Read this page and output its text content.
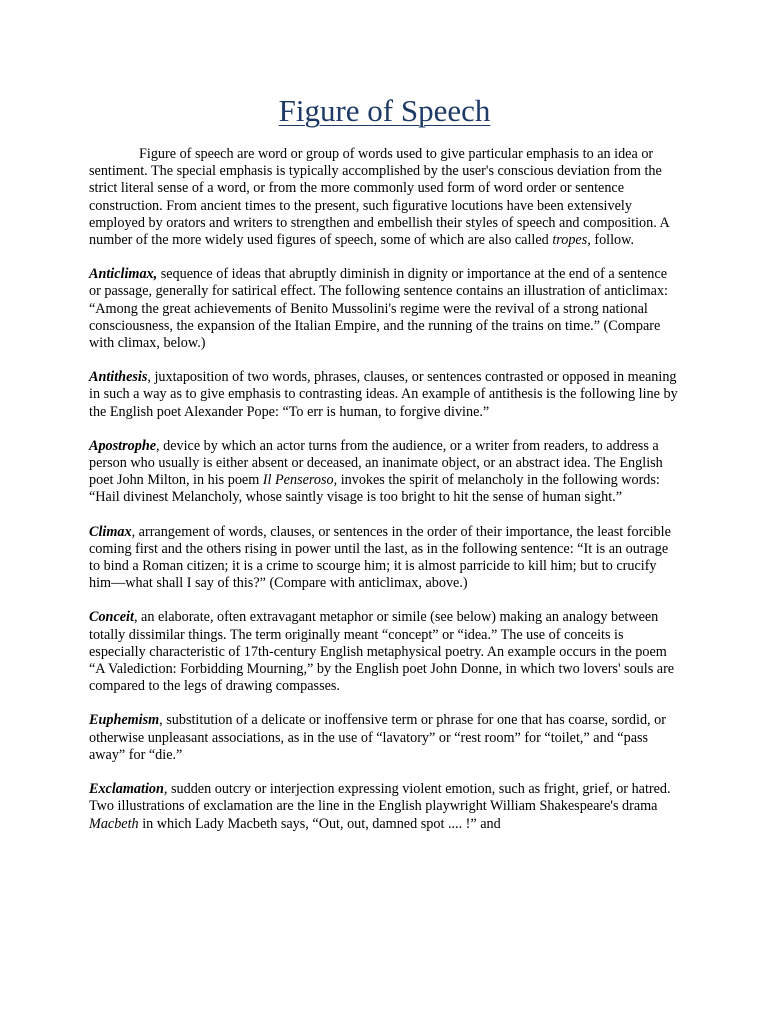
Figure of Speech

Figure of speech are word or group of words used to give particular emphasis to an idea or sentiment. The special emphasis is typically accomplished by the user's conscious deviation from the strict literal sense of a word, or from the more commonly used form of word order or sentence construction. From ancient times to the present, such figurative locutions have been extensively employed by orators and writers to strengthen and embellish their styles of speech and composition. A number of the more widely used figures of speech, some of which are also called tropes, follow.

Anticlimax, sequence of ideas that abruptly diminish in dignity or importance at the end of a sentence or passage, generally for satirical effect. The following sentence contains an illustration of anticlimax: “Among the great achievements of Benito Mussolini's regime were the revival of a strong national consciousness, the expansion of the Italian Empire, and the running of the trains on time.” (Compare with climax, below.)

Antithesis, juxtaposition of two words, phrases, clauses, or sentences contrasted or opposed in meaning in such a way as to give emphasis to contrasting ideas. An example of antithesis is the following line by the English poet Alexander Pope: “To err is human, to forgive divine.”

Apostrophe, device by which an actor turns from the audience, or a writer from readers, to address a person who usually is either absent or deceased, an inanimate object, or an abstract idea. The English poet John Milton, in his poem Il Penseroso, invokes the spirit of melancholy in the following words: “Hail divinest Melancholy, whose saintly visage is too bright to hit the sense of human sight.”

Climax, arrangement of words, clauses, or sentences in the order of their importance, the least forcible coming first and the others rising in power until the last, as in the following sentence: “It is an outrage to bind a Roman citizen; it is a crime to scourge him; it is almost parricide to kill him; but to crucify him—what shall I say of this?” (Compare with anticlimax, above.)

Conceit, an elaborate, often extravagant metaphor or simile (see below) making an analogy between totally dissimilar things. The term originally meant “concept” or “idea.” The use of conceits is especially characteristic of 17th-century English metaphysical poetry. An example occurs in the poem “A Valediction: Forbidding Mourning,” by the English poet John Donne, in which two lovers' souls are compared to the legs of drawing compasses.

Euphemism, substitution of a delicate or inoffensive term or phrase for one that has coarse, sordid, or otherwise unpleasant associations, as in the use of “lavatory” or “rest room” for “toilet,” and “pass away” for “die.”

Exclamation, sudden outcry or interjection expressing violent emotion, such as fright, grief, or hatred. Two illustrations of exclamation are the line in the English playwright William Shakespeare's drama Macbeth in which Lady Macbeth says, “Out, out, damned spot .... !” and
